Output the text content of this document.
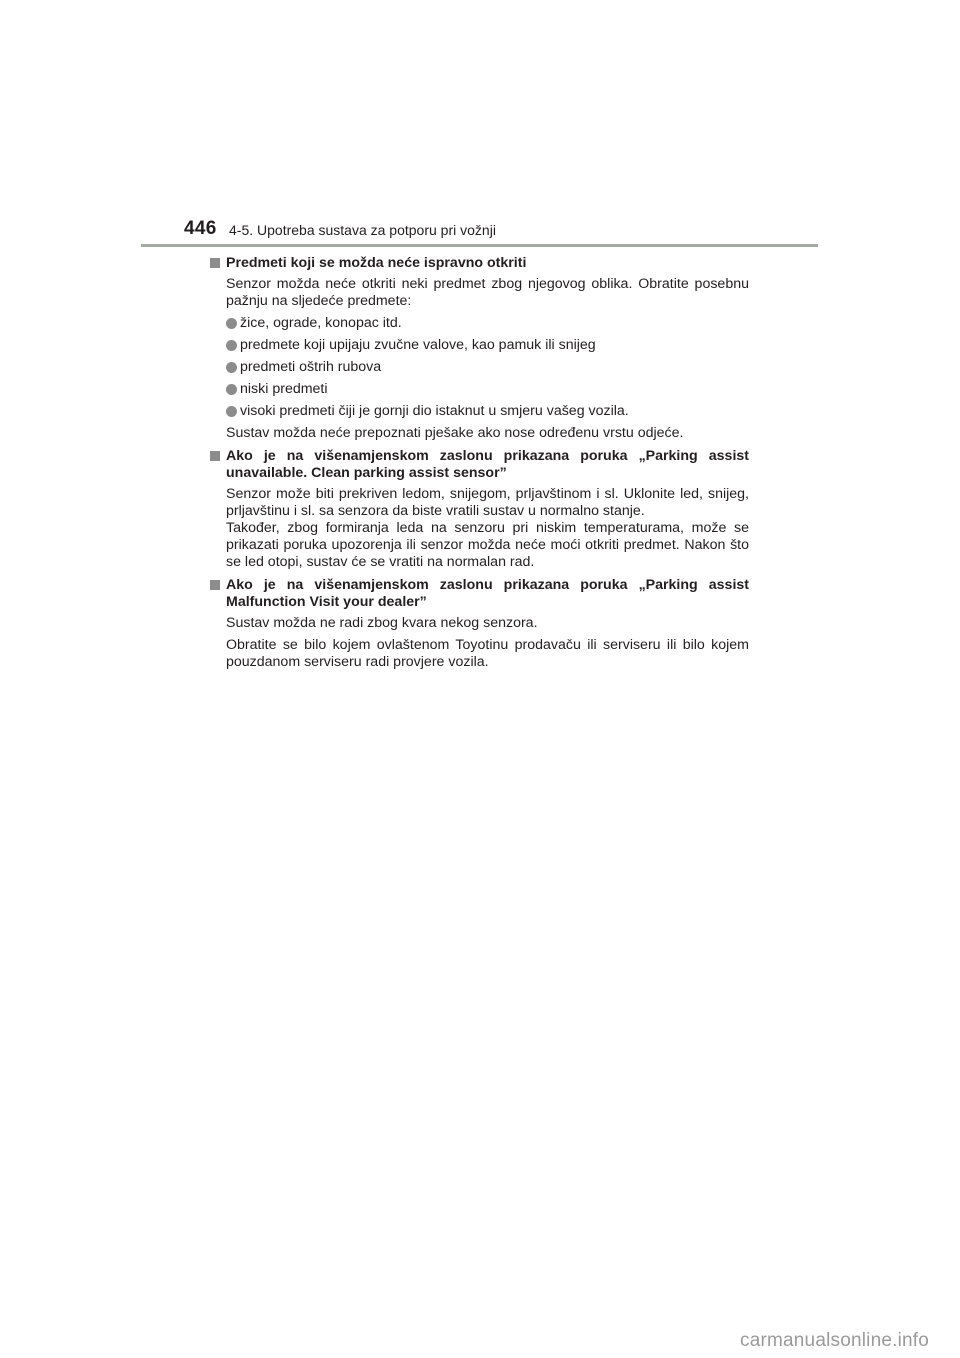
446 4-5. Upotreba sustava za potporu pri vožnji
Predmeti koji se možda neće ispravno otkriti

Senzor možda neće otkriti neki predmet zbog njegovog oblika. Obratite posebnu pažnju na sljedeće predmete:

žice, ograde, konopac itd.
predmete koji upijaju zvučne valove, kao pamuk ili snijeg
predmeti oštrih rubova
niski predmeti
visoki predmeti čiji je gornji dio istaknut u smjeru vašeg vozila.

Sustav možda neće prepoznati pješake ako nose određenu vrstu odjeće.

Ako je na višenamjenskom zaslonu prikazana poruka „Parking assist unavailable. Clean parking assist sensor”

Senzor može biti prekriven ledom, snijegom, prljavštinom i sl. Uklonite led, snijeg, prljavštinu i sl. sa senzora da biste vratili sustav u normalno stanje.

Također, zbog formiranja leda na senzoru pri niskim temperaturama, može se prikazati poruka upozorenja ili senzor možda neće moći otkriti predmet. Nakon što se led otopi, sustav će se vratiti na normalan rad.

Ako je na višenamjenskom zaslonu prikazana poruka „Parking assist Malfunction Visit your dealer”

Sustav možda ne radi zbog kvara nekog senzora.

Obratite se bilo kojem ovlaštenom Toyotinu prodavaču ili serviseru ili bilo kojem pouzdanom serviseru radi provjere vozila.

carmanualsonline.info
